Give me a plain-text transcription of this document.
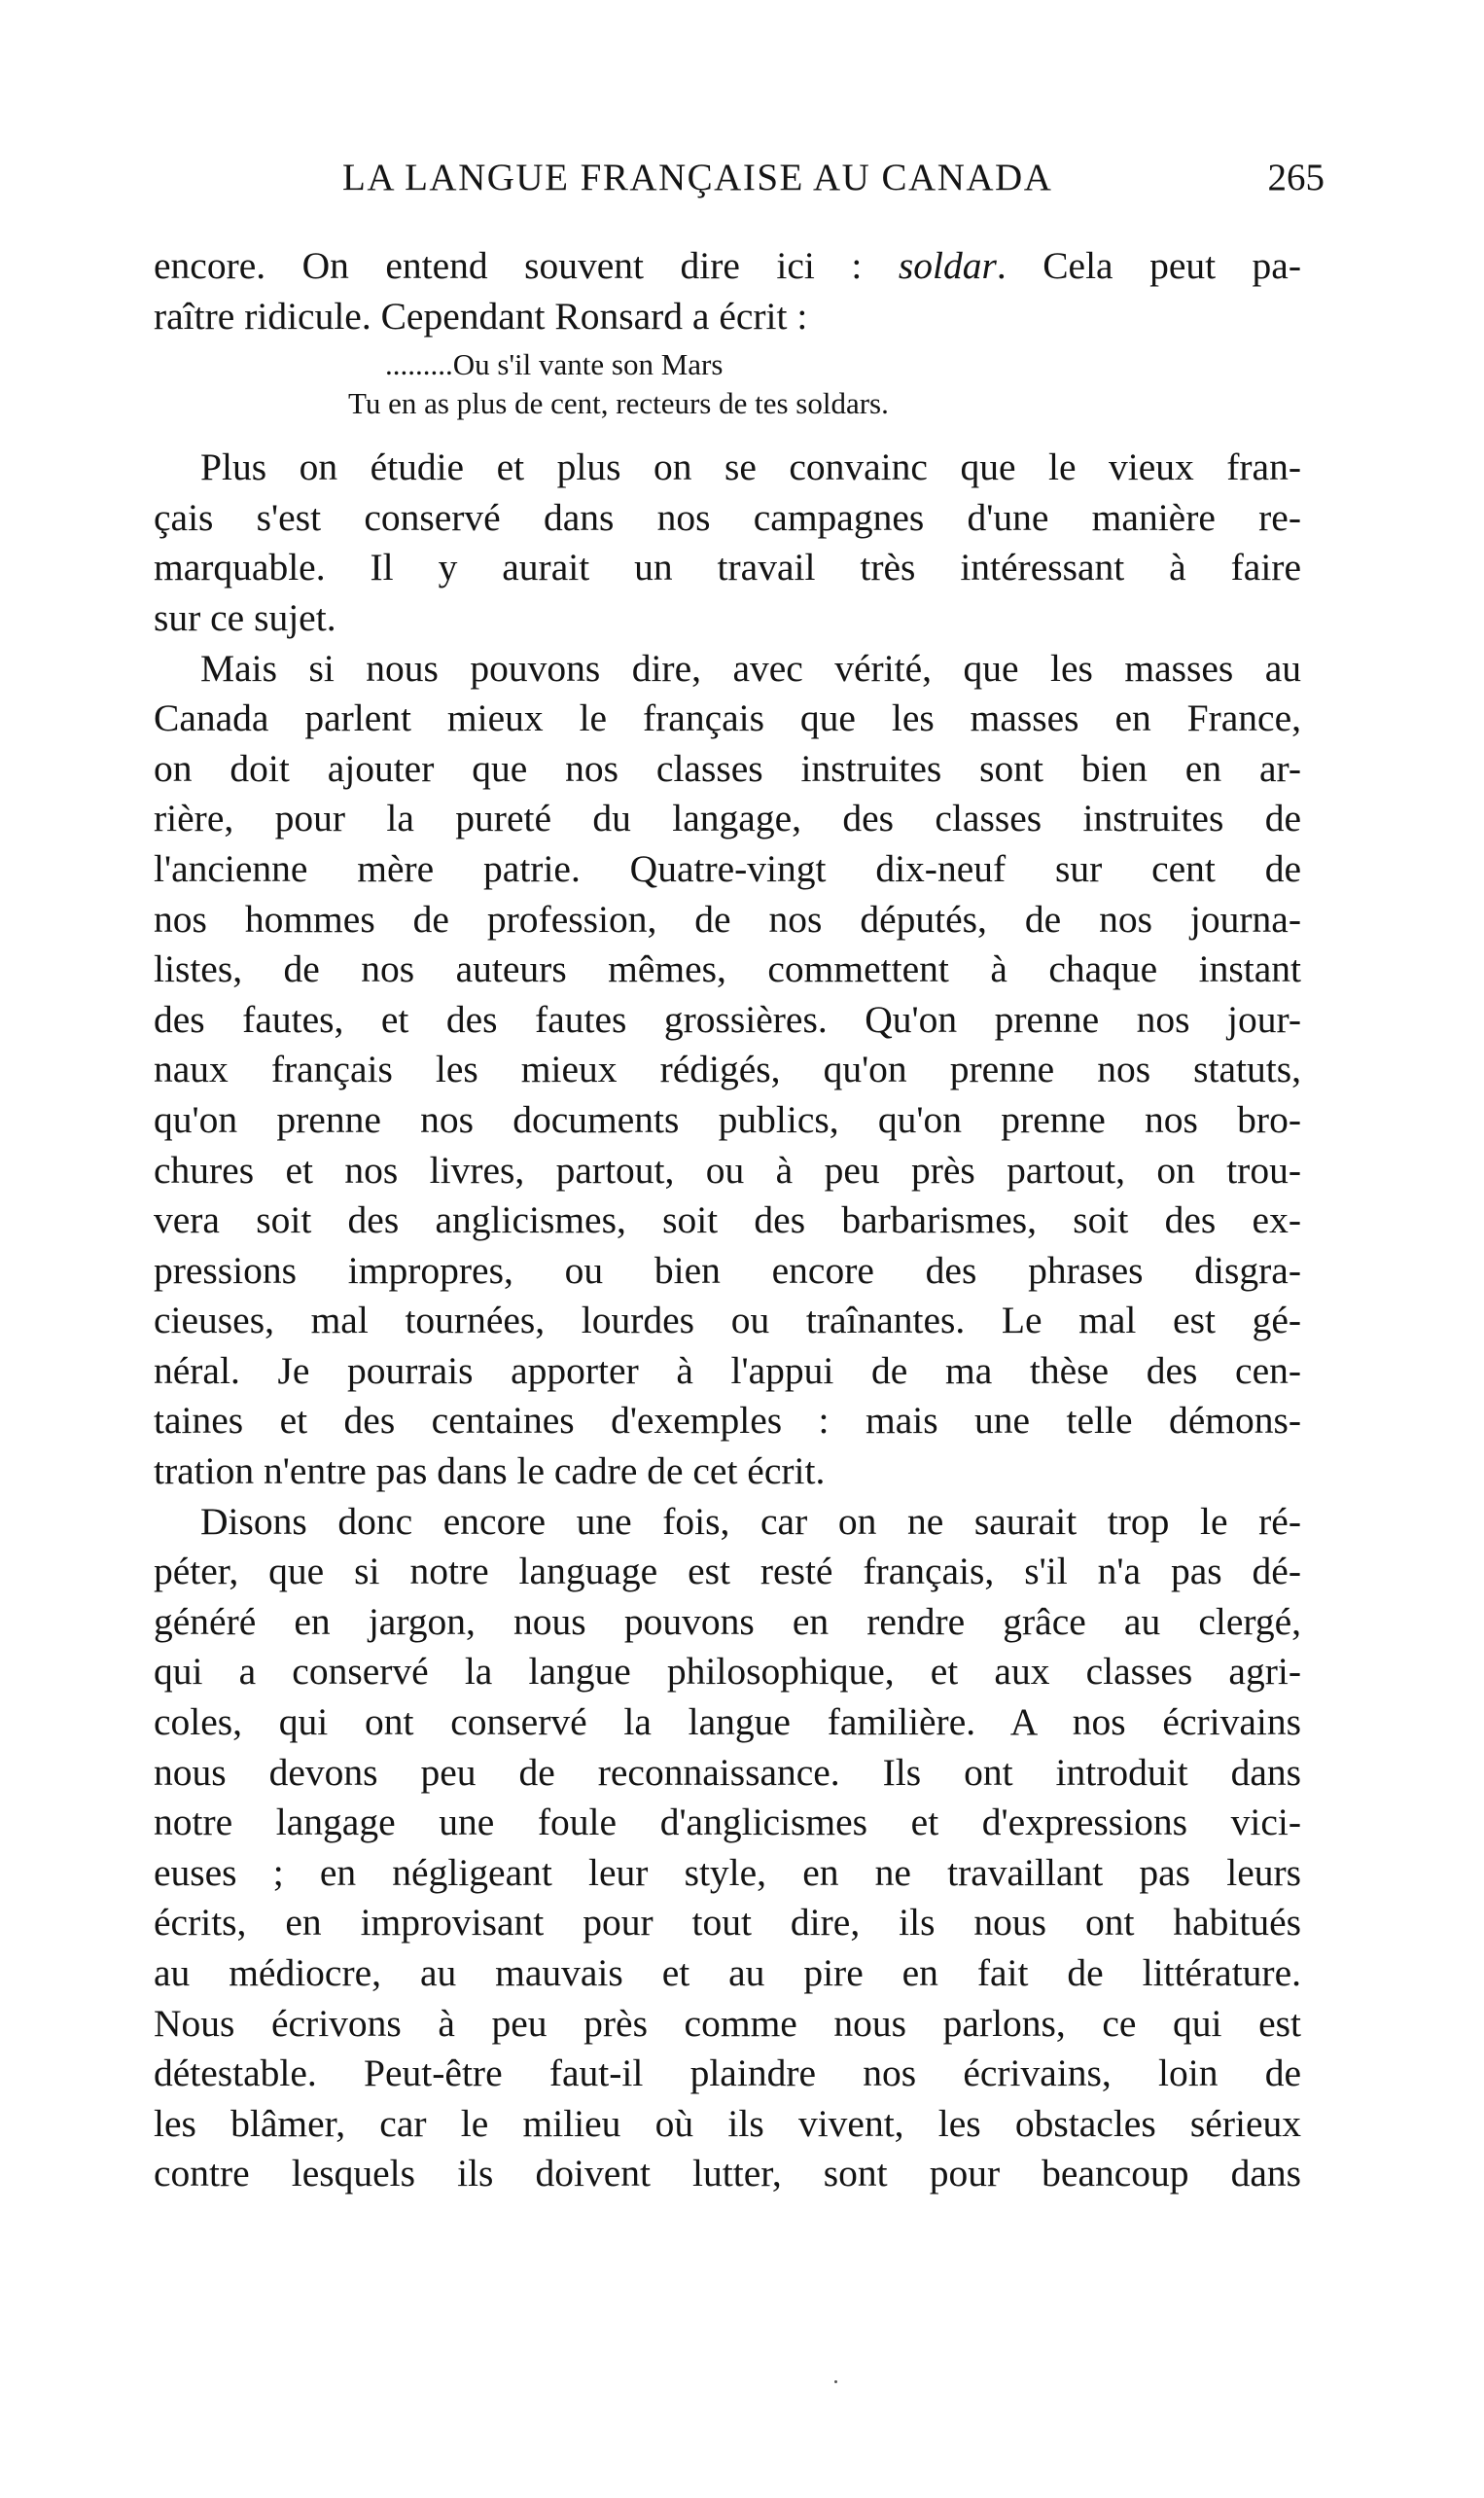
LA LANGUE FRANÇAISE AU CANADA	265
encore. On entend souvent dire ici : soldar. Cela peut pa-
raître ridicule. Cependant Ronsard a écrit :
.........Ou s'il vante son Mars
Tu en as plus de cent, recteurs de tes soldars.
Plus on étudie et plus on se convainc que le vieux fran-
çais s'est conservé dans nos campagnes d'une manière re-
marquable. Il y aurait un travail très intéressant à faire
sur ce sujet.
Mais si nous pouvons dire, avec vérité, que les masses au
Canada parlent mieux le français que les masses en France,
on doit ajouter que nos classes instruites sont bien en ar-
rière, pour la pureté du langage, des classes instruites de
l'ancienne mère patrie. Quatre-vingt dix-neuf sur cent de
nos hommes de profession, de nos députés, de nos journa-
listes, de nos auteurs mêmes, commettent à chaque instant
des fautes, et des fautes grossières. Qu'on prenne nos jour-
naux français les mieux rédigés, qu'on prenne nos statuts,
qu'on prenne nos documents publics, qu'on prenne nos bro-
chures et nos livres, partout, ou à peu près partout, on trou-
vera soit des anglicismes, soit des barbarismes, soit des ex-
pressions impropres, ou bien encore des phrases disgra-
cieuses, mal tournées, lourdes ou traînantes. Le mal est gé-
néral. Je pourrais apporter à l'appui de ma thèse des cen-
taines et des centaines d'exemples : mais une telle démons-
tration n'entre pas dans le cadre de cet écrit.
Disons donc encore une fois, car on ne saurait trop le ré-
péter, que si notre language est resté français, s'il n'a pas dé-
généré en jargon, nous pouvons en rendre grâce au clergé,
qui a conservé la langue philosophique, et aux classes agri-
coles, qui ont conservé la langue familière. A nos écrivains
nous devons peu de reconnaissance. Ils ont introduit dans
notre langage une foule d'anglicismes et d'expressions vici-
euses ; en négligeant leur style, en ne travaillant pas leurs
écrits, en improvisant pour tout dire, ils nous ont habitués
au médiocre, au mauvais et au pire en fait de littérature.
Nous écrivons à peu près comme nous parlons, ce qui est
détestable. Peut-être faut-il plaindre nos écrivains, loin de
les blâmer, car le milieu où ils vivent, les obstacles sérieux
contre lesquels ils doivent lutter, sont pour beancoup dans
